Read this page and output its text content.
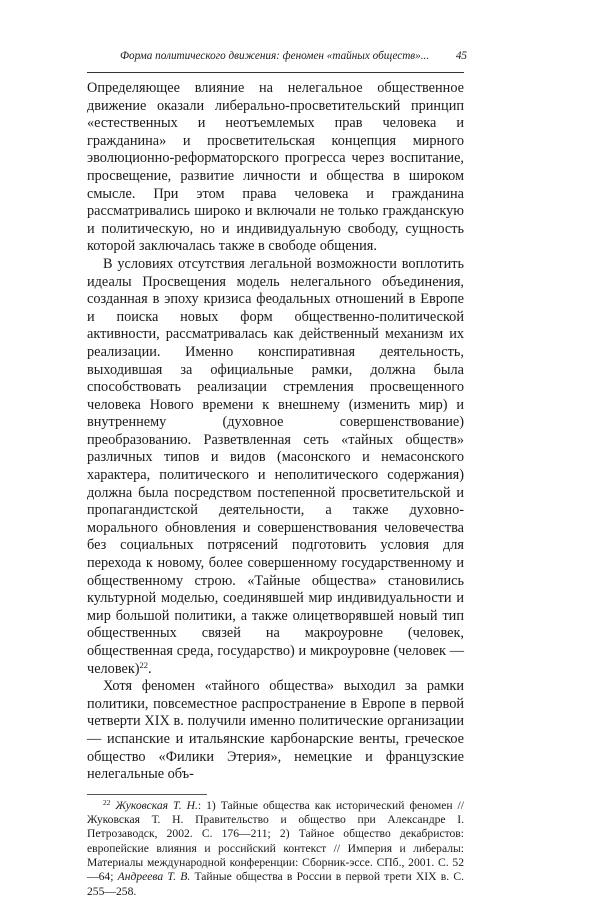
Форма политического движения: феномен «тайных обществ»... 45

Определяющее влияние на нелегальное общественное движение оказали либерально-просветительский принцип «естественных и неотъемлемых прав человека и гражданина» и просветительская концепция мирного эволюционно-реформаторского прогресса через воспитание, просвещение, развитие личности и общества в широком смысле. При этом права человека и гражданина рассматривались широко и включали не только гражданскую и политическую, но и индивидуальную свободу, сущность которой заключалась также в свободе общения.

В условиях отсутствия легальной возможности воплотить идеалы Просвещения модель нелегального объединения, созданная в эпоху кризиса феодальных отношений в Европе и поиска новых форм общественно-политической активности, рассматривалась как действенный механизм их реализации. Именно конспиративная деятельность, выходившая за официальные рамки, должна была способствовать реализации стремления просвещенного человека Нового времени к внешнему (изменить мир) и внутреннему (духовное совершенствование) преобразованию. Разветвленная сеть «тайных обществ» различных типов и видов (масонского и немасонского характера, политического и неполитического содержания) должна была посредством постепенной просветительской и пропагандистской деятельности, а также духовно-морального обновления и совершенствования человечества без социальных потрясений подготовить условия для перехода к новому, более совершенному государственному и общественному строю. «Тайные общества» становились культурной моделью, соединявшей мир индивидуальности и мир большой политики, а также олицетворявшей новый тип общественных связей на макроуровне (человек, общественная среда, государство) и микроуровне (человек — человек)$^{22}$.

Хотя феномен «тайного общества» выходил за рамки политики, повсеместное распространение в Европе в первой четверти XIX в. получили именно политические организации — испанские и итальянские карбонарские венты, греческое общество «Филики Этерия», немецкие и французские нелегальные объ-

$^{22}$ Жуковская Т. Н.: 1) Тайные общества как исторический феномен // Жуковская Т. Н. Правительство и общество при Александре I. Петрозаводск, 2002. С. 176—211; 2) Тайное общество декабристов: европейские влияния и российский контекст // Империя и либералы: Материалы международной конференции: Сборник-эссе. СПб., 2001. С. 52—64; Андреева Т. В. Тайные общества в России в первой трети XIX в. С. 255—258.
